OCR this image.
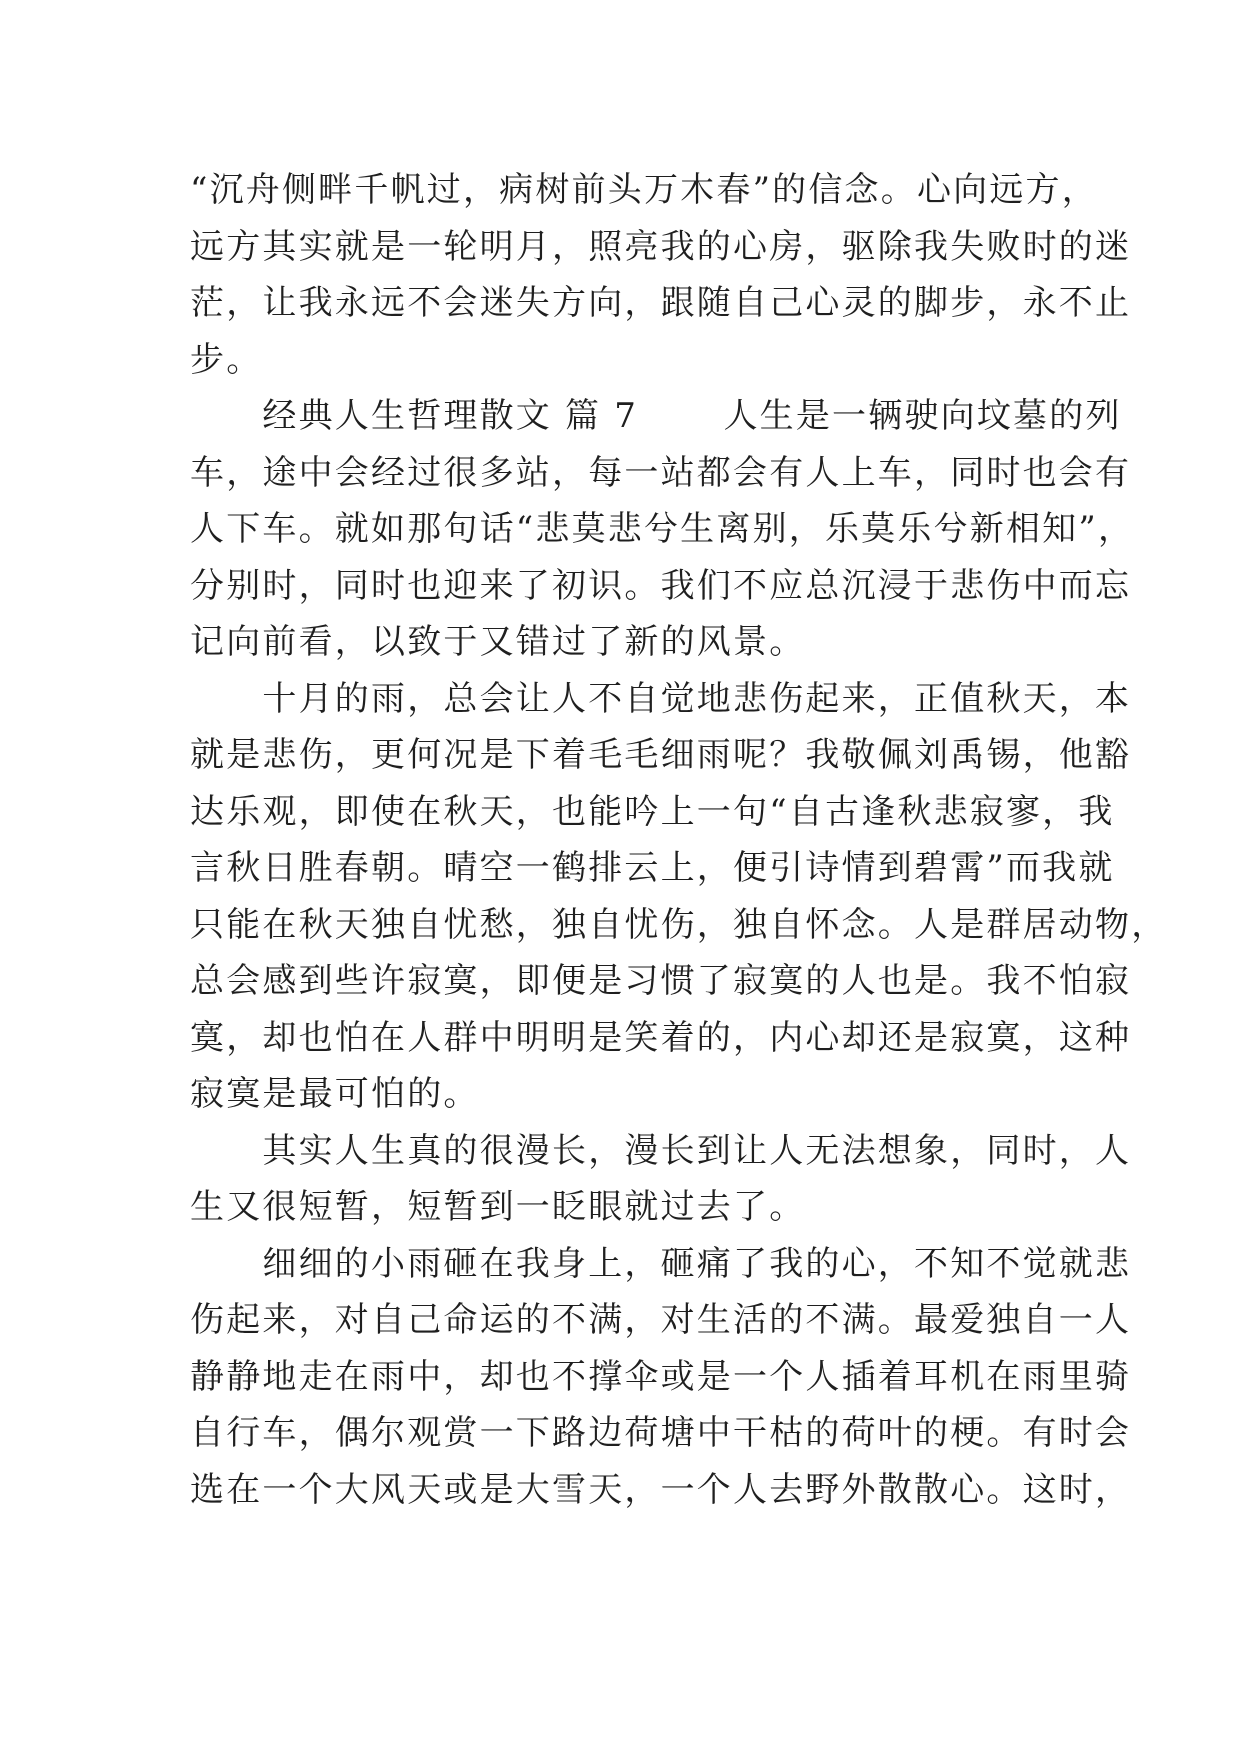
“沉舟侧畔千帆过，病树前头万木春”的信念。心向远方，
远方其实就是一轮明月，照亮我的心房，驱除我失败时的迷
茫，让我永远不会迷失方向，跟随自己心灵的脚步，永不止
步。
　　经典人生哲理散文 篇 7 　　人生是一辆驶向坟墓的列
车，途中会经过很多站，每一站都会有人上车，同时也会有
人下车。就如那句话“悲莫悲兮生离别，乐莫乐兮新相知”，
分别时，同时也迎来了初识。我们不应总沉浸于悲伤中而忘
记向前看，以致于又错过了新的风景。
　　十月的雨，总会让人不自觉地悲伤起来，正值秋天，本
就是悲伤，更何况是下着毛毛细雨呢？我敬佩刘禹锡，他豁
达乐观，即使在秋天，也能吟上一句“自古逢秋悲寂寥，我
言秋日胜春朝。晴空一鹤排云上，便引诗情到碧霄”而我就
只能在秋天独自忧愁，独自忧伤，独自怀念。人是群居动物，
总会感到些许寂寞，即便是习惯了寂寞的人也是。我不怕寂
寞，却也怕在人群中明明是笑着的，内心却还是寂寞，这种
寂寞是最可怕的。
　　其实人生真的很漫长，漫长到让人无法想象，同时，人
生又很短暂，短暂到一眨眼就过去了。
　　细细的小雨砸在我身上，砸痛了我的心，不知不觉就悲
伤起来，对自己命运的不满，对生活的不满。最爱独自一人
静静地走在雨中，却也不撑伞或是一个人插着耳机在雨里骑
自行车，偶尔观赏一下路边荷塘中干枯的荷叶的梗。有时会
选在一个大风天或是大雪天，一个人去野外散散心。这时，
